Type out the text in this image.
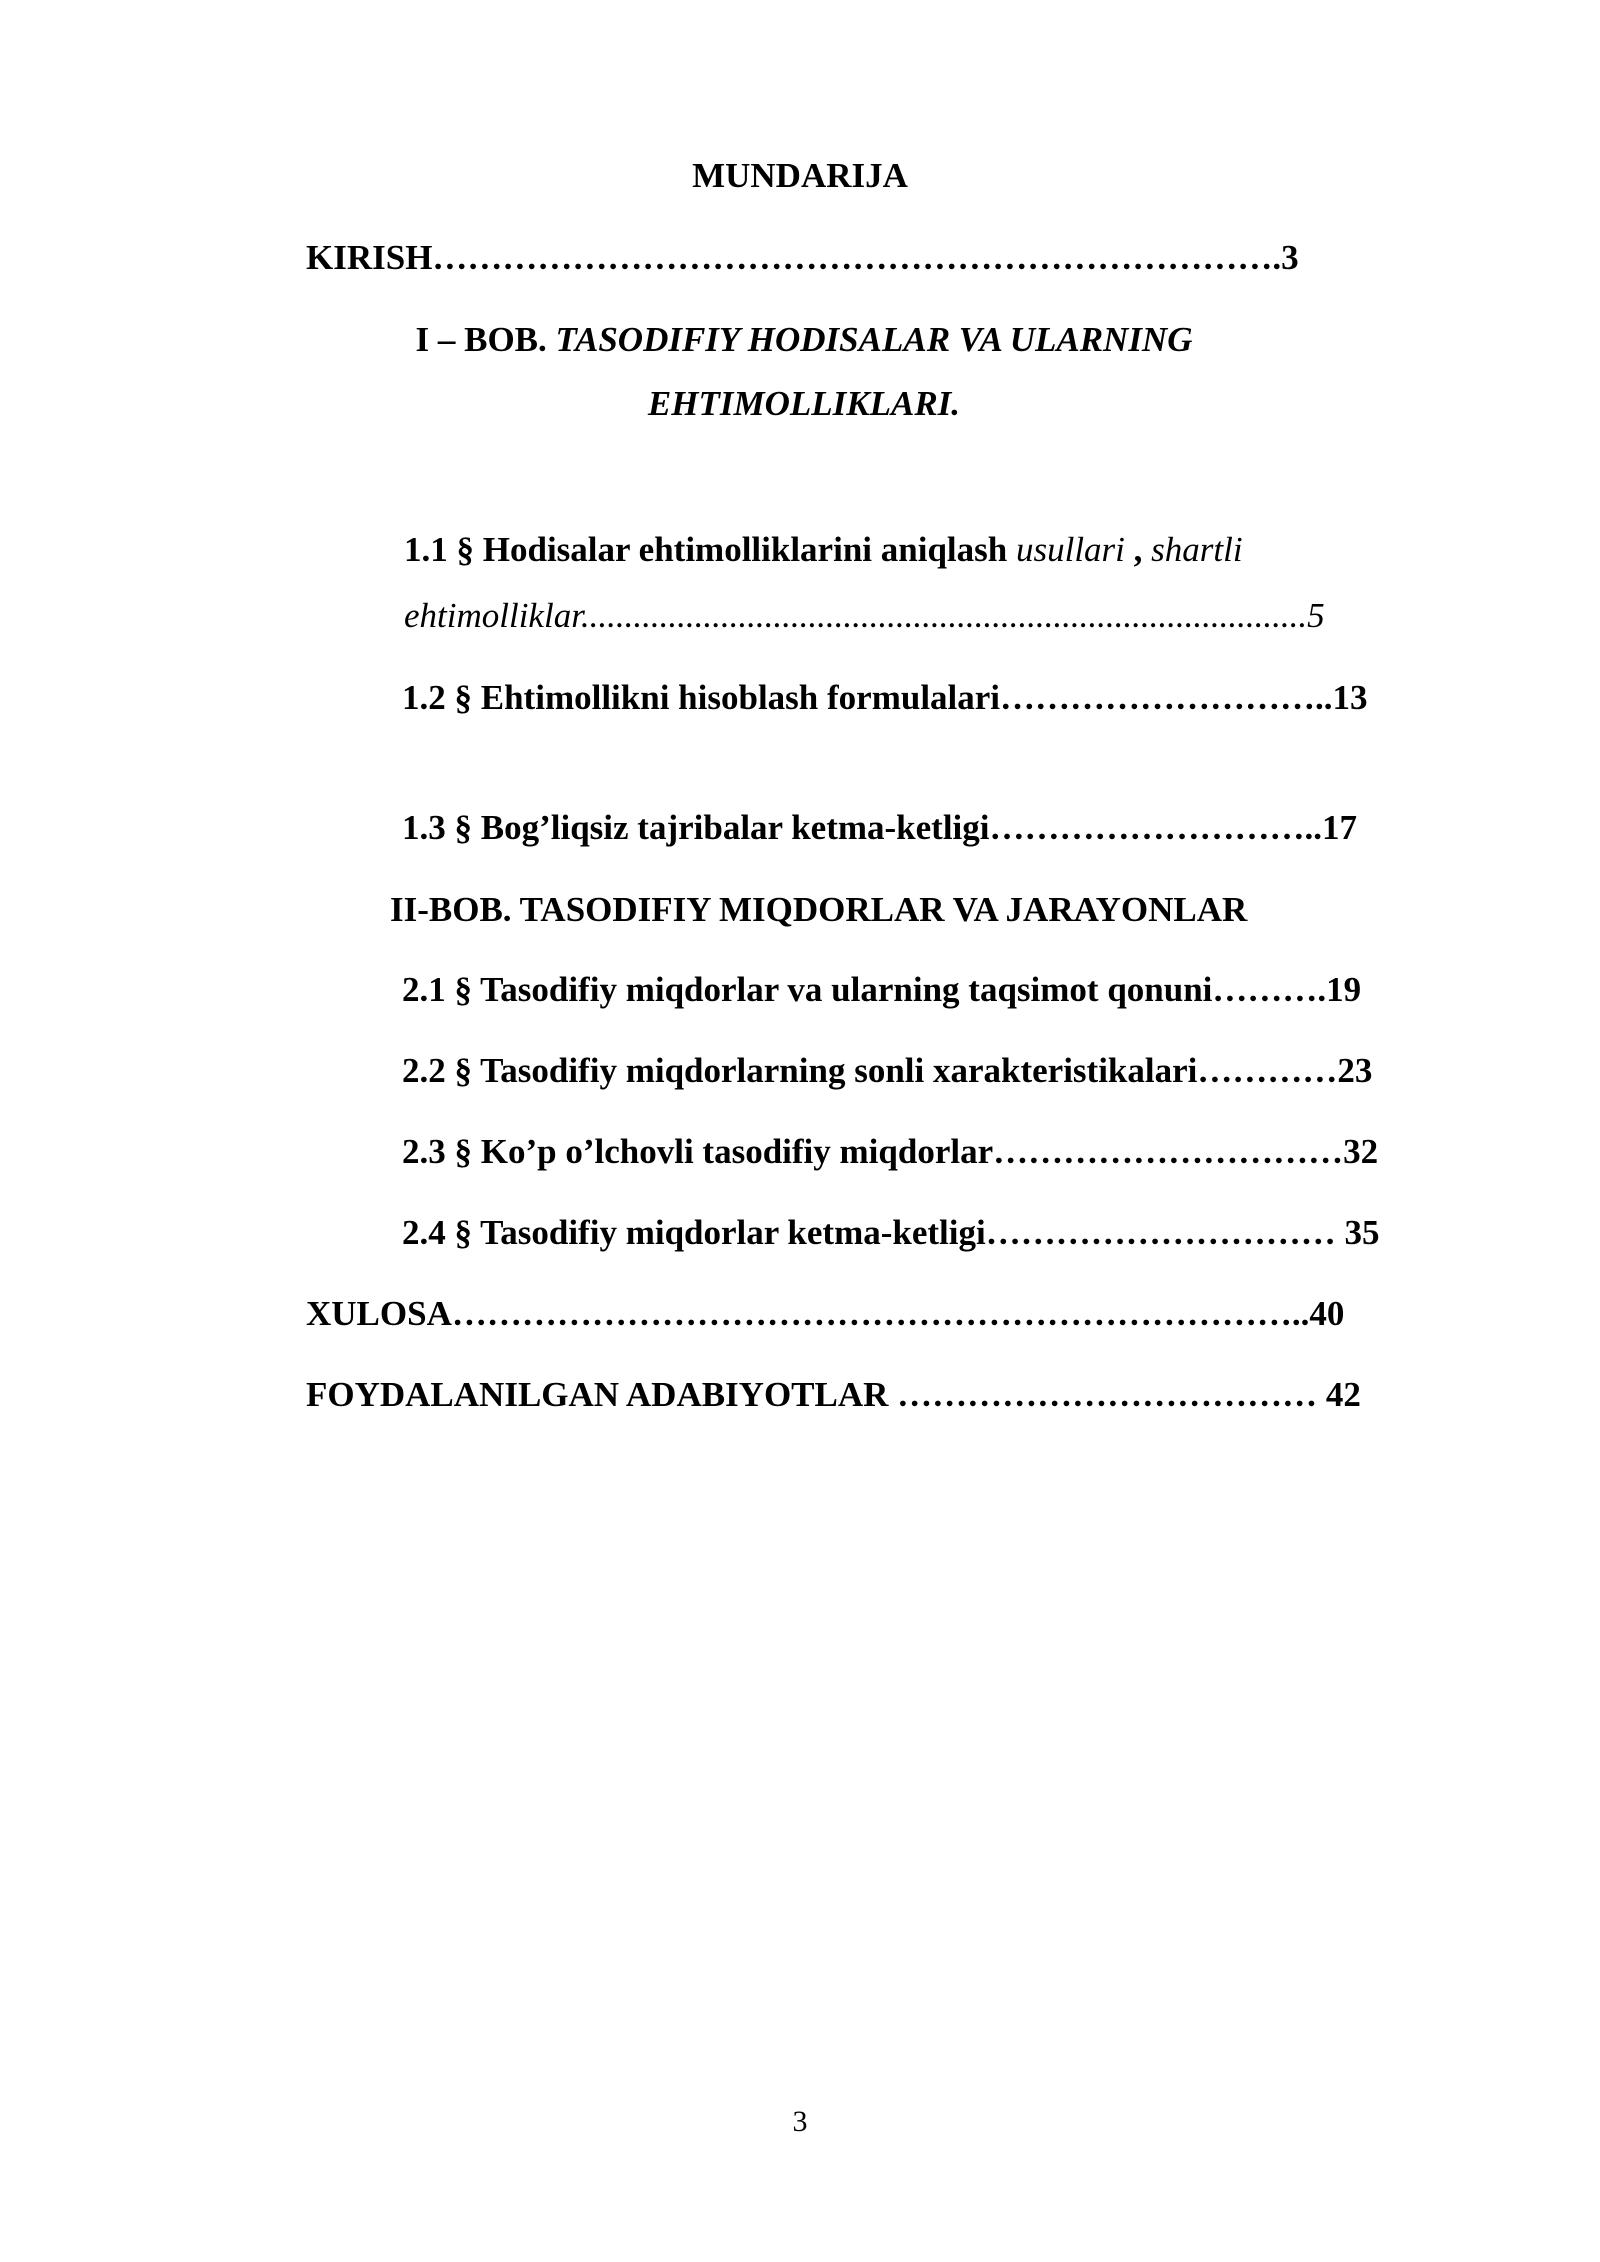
MUNDARIJA
KIRISH……………………………………………………………….3
I – BOB. TASODIFIY HODISALAR VA ULARNING
EHTIMOLLIKLARI.
1.1 § Hodisalar ehtimolliklarini aniqlash usullari , shartli
ehtimolliklar...................................................................................5
1.2 § Ehtimollikni hisoblash formulalari………………………..13
1.3 § Bog’liqsiz tajribalar ketma-ketligi………………………..17
II-BOB. TASODIFIY MIQDORLAR VA JARAYONLAR
2.1 § Tasodifiy miqdorlar va ularning taqsimot qonuni……….19
2.2 § Tasodifiy miqdorlarning sonli xarakteristikalari…………23
2.3 § Ko’p o’lchovli tasodifiy miqdorlar…………………………32
2.4 § Tasodifiy miqdorlar ketma-ketligi………………………… 35
XULOSA………………………………………………………………..40
FOYDALANILGAN ADABIYOTLAR ……………………………… 42
3
